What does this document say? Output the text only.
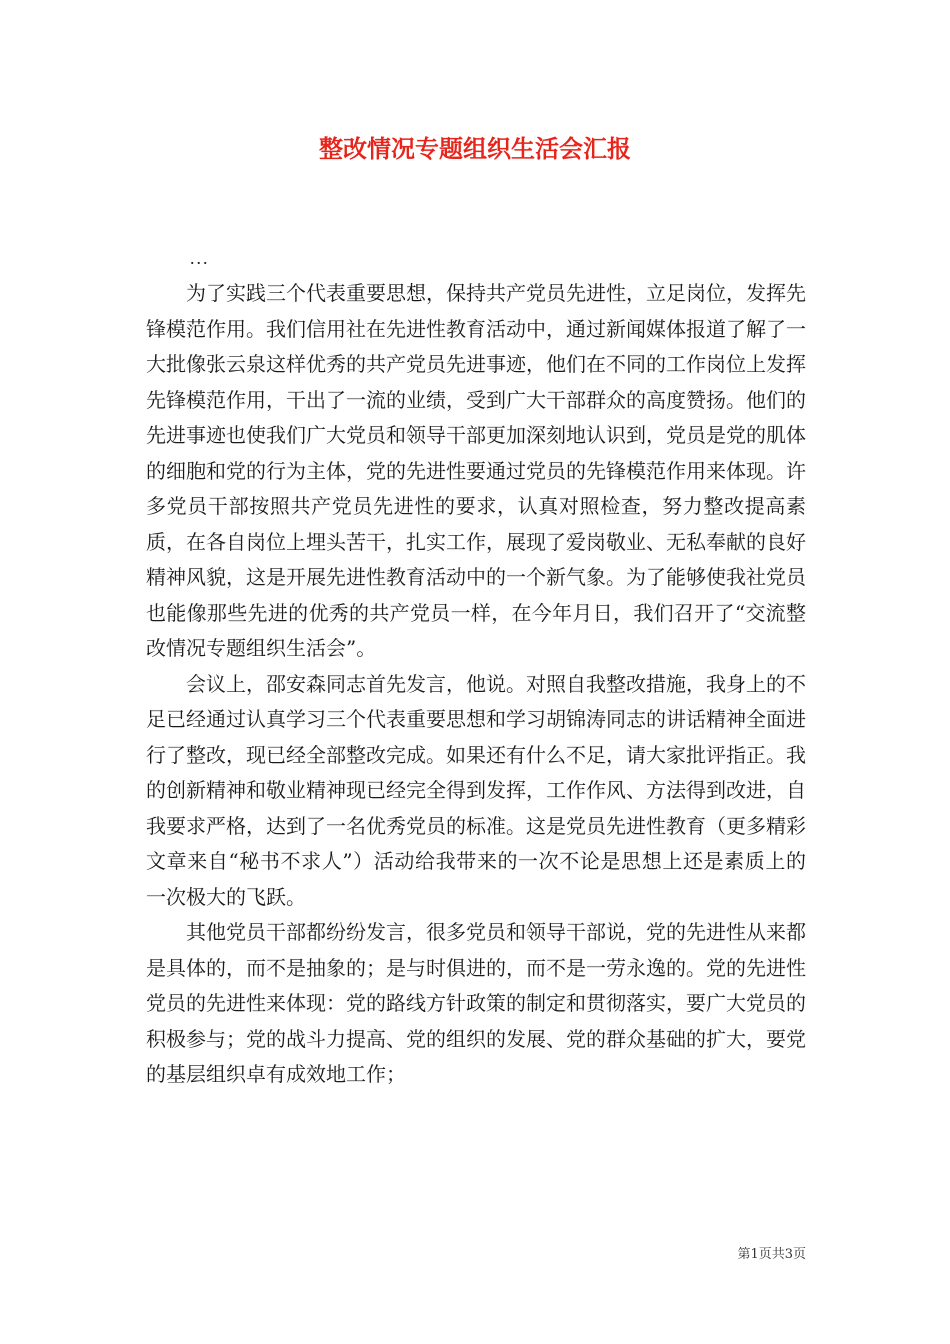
整改情况专题组织生活会汇报
...

为了实践三个代表重要思想，保持共产党员先进性，立足岗位，发挥先锋模范作用。我们信用社在先进性教育活动中，通过新闻媒体报道了解了一大批像张云泉这样优秀的共产党员先进事迹，他们在不同的工作岗位上发挥先锋模范作用，干出了一流的业绩，受到广大干部群众的高度赞扬。他们的先进事迹也使我们广大党员和领导干部更加深刻地认识到，党员是党的肌体的细胞和党的行为主体，党的先进性要通过党员的先锋模范作用来体现。许多党员干部按照共产党员先进性的要求，认真对照检查，努力整改提高素质，在各自岗位上埋头苦干，扎实工作，展现了爱岗敬业、无私奉献的良好精神风貌，这是开展先进性教育活动中的一个新气象。为了能够使我社党员也能像那些先进的优秀的共产党员一样，在今年月日，我们召开了“交流整改情况专题组织生活会”。

会议上，邵安森同志首先发言，他说。对照自我整改措施，我身上的不足已经通过认真学习三个代表重要思想和学习胡锦涛同志的讲话精神全面进行了整改，现已经全部整改完成。如果还有什么不足，请大家批评指正。我的创新精神和敬业精神现已经完全得到发挥，工作作风、方法得到改进，自我要求严格，达到了一名优秀党员的标准。这是党员先进性教育（更多精彩文章来自“秘书不求人”）活动给我带来的一次不论是思想上还是素质上的一次极大的飞跃。

其他党员干部都纷纷发言，很多党员和领导干部说，党的先进性从来都是具体的，而不是抽象的；是与时俱进的，而不是一劳永逸的。党的先进性党员的先进性来体现：党的路线方针政策的制定和贯彻落实，要广大党员的积极参与；党的战斗力提高、党的组织的发展、党的群众基础的扩大，要党的基层组织卓有成效地工作；

第1页共3页
